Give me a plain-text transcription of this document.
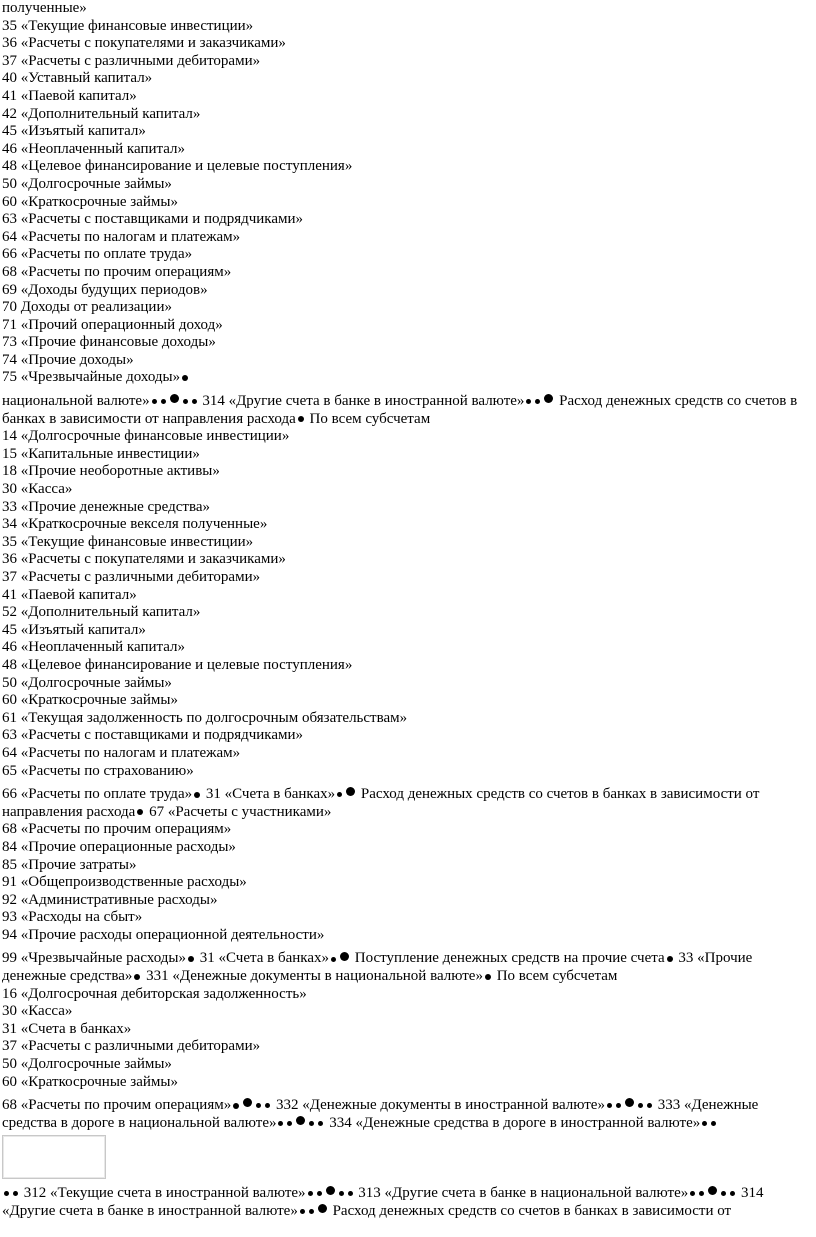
полученные»
35 «Текущие финансовые инвестиции»
36 «Расчеты с покупателями и заказчиками»
37 «Расчеты с различными дебиторами»
40 «Уставный капитал»
41 «Паевой капитал»
42 «Дополнительный капитал»
45 «Изъятый капитал»
46 «Неоплаченный капитал»
48 «Целевое финансирование и целевые поступления»
50 «Долгосрочные займы»
60 «Краткосрочные займы»
63 «Расчеты с поставщиками и подрядчиками»
64 «Расчеты по налогам и платежам»
66 «Расчеты по оплате труда»
68 «Расчеты по прочим операциям»
69 «Доходы будущих периодов»
70 Доходы от реализации»
71 «Прочий операционный доход»
73 «Прочие финансовые доходы»
74 «Прочие доходы»
75 «Чрезвычайные доходы»
национальной валюте»	314 «Другие счета в банке в иностранной валюте» Расход денежных средств со счетов в банках в зависимости от направления расхода По всем субсчетам
14 «Долгосрочные финансовые инвестиции»
15 «Капитальные инвестиции»
18 «Прочие необоротные активы»
30 «Касса»
33 «Прочие денежные средства»
34 «Краткосрочные векселя полученные»
35 «Текущие финансовые инвестиции»
36 «Расчеты с покупателями и заказчиками»
37 «Расчеты с различными дебиторами»
41 «Паевой капитал»
52 «Дополнительный капитал»
45 «Изъятый капитал»
46 «Неоплаченный капитал»
48 «Целевое финансирование и целевые поступления»
50 «Долгосрочные займы»
60 «Краткосрочные займы»
61 «Текущая задолженность по долгосрочным обязательствам»
63 «Расчеты с поставщиками и подрядчиками»
64 «Расчеты по налогам и платежам»
65 «Расчеты по страхованию»
66 «Расчеты по оплате труда» 31 «Счета в банках» Расход денежных средств со счетов в банках в зависимости от направления расхода 67 «Расчеты с участниками»
68 «Расчеты по прочим операциям»
84 «Прочие операционные расходы»
85 «Прочие затраты»
91 «Общепроизводственные расходы»
92 «Административные расходы»
93 «Расходы на сбыт»
94 «Прочие расходы операционной деятельности»
99 «Чрезвычайные расходы» 31 «Счета в банках» Поступление денежных средств на прочие счета 33 «Прочие денежные средства» 331 «Денежные документы в национальной валюте» По всем субсчетам
16 «Долгосрочная дебиторская задолженность»
30 «Касса»
31 «Счета в банках»
37 «Расчеты с различными дебиторами»
50 «Долгосрочные займы»
60 «Краткосрочные займы»
68 «Расчеты по прочим операциям»	332 «Денежные документы в иностранной валюте»	333 «Денежные средства в дороге в национальной валюте»	334 «Денежные средства в дороге в иностранной валюте»
312 «Текущие счета в иностранной валюте»	313 «Другие счета в банке в национальной валюте»	314 «Другие счета в банке в иностранной валюте» Расход денежных средств со счетов в банках в зависимости от
